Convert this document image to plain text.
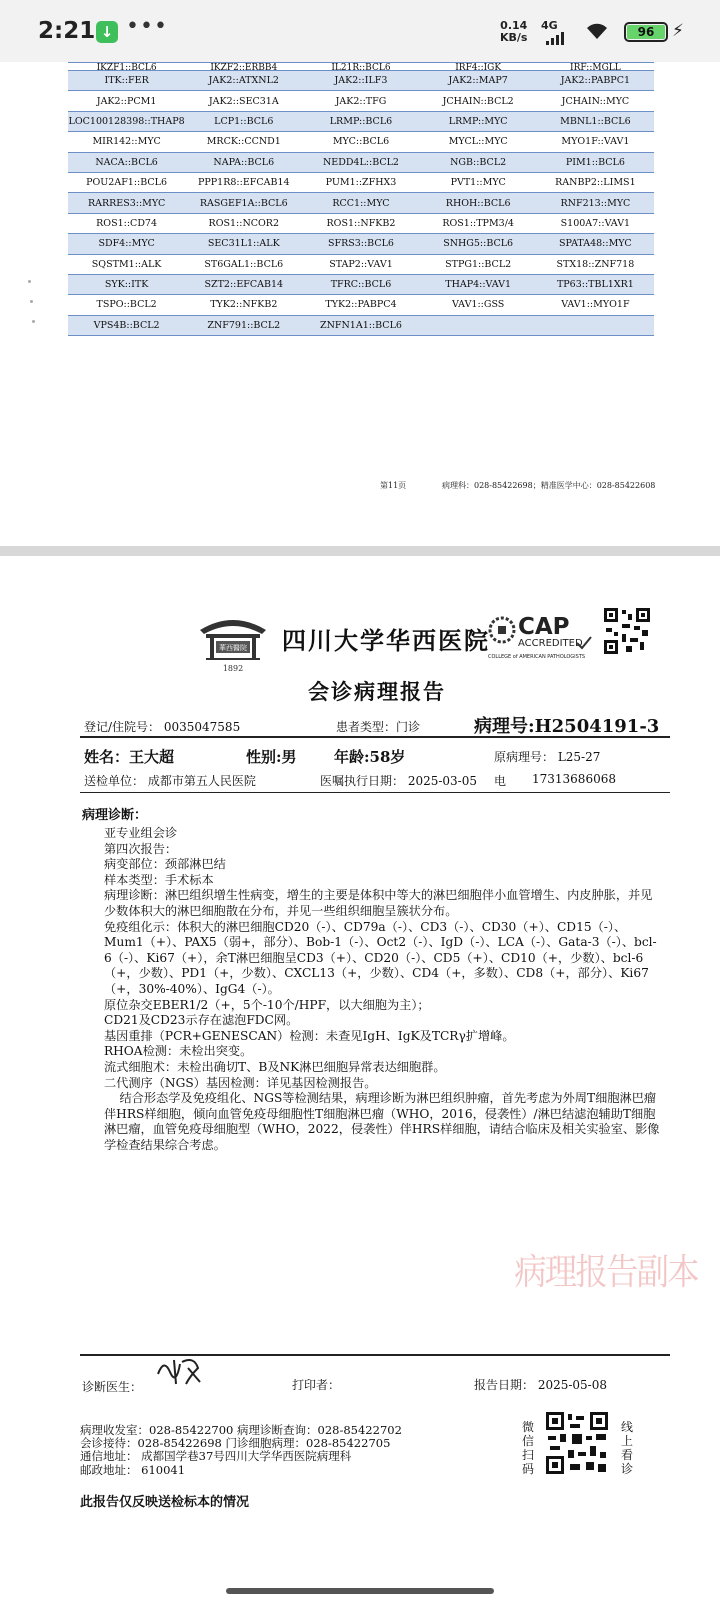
2:21 ↓ •••	0.14
KB/s
4G	96	⚡
IKZF1::BCL6	IKZF2::ERBB4	IL21R::BCL6	IRF4::IGK	IRF::MGLL
ITK::FER	JAK2::ATXNL2	JAK2::ILF3	JAK2::MAP7	JAK2::PABPC1
JAK2::PCM1	JAK2::SEC31A	JAK2::TFG	JCHAIN::BCL2	JCHAIN::MYC
LOC100128398::THAP8	LCP1::BCL6	LRMP::BCL6	LRMP::MYC	MBNL1::BCL6
MIR142::MYC	MRCK::CCND1	MYC::BCL6	MYCL::MYC	MYO1F::VAV1
NACA::BCL6	NAPA::BCL6	NEDD4L::BCL2	NGB::BCL2	PIM1::BCL6
POU2AF1::BCL6	PPP1R8::EFCAB14	PUM1::ZFHX3	PVT1::MYC	RANBP2::LIMS1
RARRES3::MYC	RASGEF1A::BCL6	RCC1::MYC	RHOH::BCL6	RNF213::MYC
ROS1::CD74	ROS1::NCOR2	ROS1::NFKB2	ROS1::TPM3/4	S100A7::VAV1
SDF4::MYC	SEC31L1::ALK	SFRS3::BCL6	SNHG5::BCL6	SPATA48::MYC
SQSTM1::ALK	ST6GAL1::BCL6	STAP2::VAV1	STPG1::BCL2	STX18::ZNF718
SYK::ITK	SZT2::EFCAB14	TFRC::BCL6	THAP4::VAV1	TP63::TBL1XR1
TSPO::BCL2	TYK2::NFKB2	TYK2::PABPC4	VAV1::GSS	VAV1::MYO1F
VPS4B::BCL2	ZNF791::BCL2	ZNFN1A1::BCL6		
第11页	病理科：028-85422698；精准医学中心：028-85422608
華西醫院
1892
四川大学华西医院 CAP
ACCREDITED
COLLEGE of AMERICAN PATHOLOGISTS
会诊病理报告
登记/住院号： 0035047585	患者类型：门诊	病理号:H2504191-3
姓名：王大超	性别:男 年龄:58岁	原病理号： L25-27
送检单位： 成都市第五人民医院	医嘱执行日期： 2025-03-05 电 17313686068
病理诊断：

亚专业组会诊

第四次报告：

病变部位：颈部淋巴结

样本类型：手术标本

病理诊断：淋巴组织增生性病变，增生的主要是体积中等大的淋巴细胞伴小血管增生、内皮肿胀，并见少数体积大的淋巴细胞散在分布，并见一些组织细胞呈簇状分布。

免疫组化示：体积大的淋巴细胞CD20（-）、CD79a（-）、CD3（-）、CD30（+）、CD15（-）、Mum1（+）、PAX5（弱+，部分）、Bob-1（-）、Oct2（-）、IgD（-）、LCA（-）、Gata-3（-）、bcl-6（-）、Ki67（+），余T淋巴细胞呈CD3（+）、CD20（-）、CD5（+）、CD10（+，少数）、bcl-6（+，少数）、PD1（+，少数）、CXCL13（+，少数）、CD4（+，多数）、CD8（+，部分）、Ki67（+，30%-40%）、IgG4（-）。

原位杂交EBER1/2（+，5个-10个/HPF，以大细胞为主）；

CD21及CD23示存在滤泡FDC网。

基因重排（PCR+GENESCAN）检测：未查见IgH、IgK及TCRγ扩增峰。

RHOA检测：未检出突变。

流式细胞术：未检出确切T、B及NK淋巴细胞异常表达细胞群。

二代测序（NGS）基因检测：详见基因检测报告。

结合形态学及免疫组化、NGS等检测结果，病理诊断为淋巴组织肿瘤，首先考虑为外周T细胞淋巴瘤伴HRS样细胞，倾向血管免疫母细胞性T细胞淋巴瘤（WHO，2016，侵袭性）/淋巴结滤泡辅助T细胞淋巴瘤，血管免疫母细胞型（WHO，2022，侵袭性）伴HRS样细胞，请结合临床及相关实验室、影像学检查结果综合考虑。

病理报告副本
诊断医生：	打印者：	报告日期： 2025-05-08
病理收发室：028-85422700 病理诊断查询：028-85422702
会诊接待：028-85422698 门诊细胞病理：028-85422705
通信地址： 成都国学巷37号四川大学华西医院病理科
邮政地址： 610041
微信扫码
线上看诊
此报告仅反映送检标本的情况
